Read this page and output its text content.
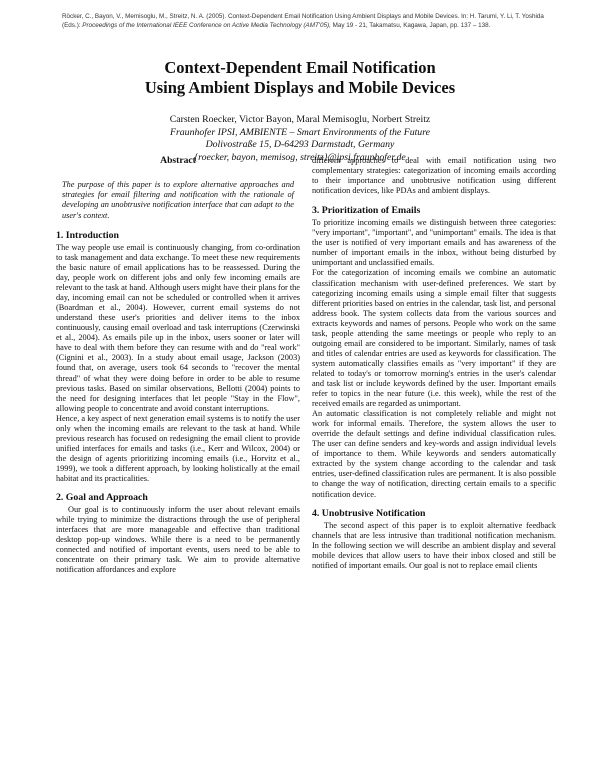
Röcker, C., Bayon, V., Memisoglu, M., Streitz, N. A. (2005). Context-Dependent Email Notification Using Ambient Displays and Mobile Devices. In: H. Tarumi, Y. Li, T. Yoshida (Eds.): Proceedings of the International IEEE Conference on Active Media Technology (AMT'05), May 19 - 21, Takamatsu, Kagawa, Japan, pp. 137 – 138.
Context-Dependent Email Notification
Using Ambient Displays and Mobile Devices
Carsten Roecker, Victor Bayon, Maral Memisoglu, Norbert Streitz
Fraunhofer IPSI, AMBIENTE – Smart Environments of the Future
Dolivostraße 15, D-64293 Darmstadt, Germany
{roecker, bayon, memisog, streitz}@ipsi.fraunhofer.de
Abstract

The purpose of this paper is to explore alternative approaches and strategies for email filtering and notification with the rationale of developing an unobtrusive notification interface that can adapt to the user's context.

1. Introduction

The way people use email is continuously changing, from co-ordination to task management and data exchange. To meet these new requirements the basic nature of email applications has to be reassessed. During the day, people work on different jobs and only few incoming emails are relevant to the task at hand. Although users might have their plans for the day, incoming email can not be scheduled or controlled when it arrives (Boardman et al., 2004). However, current email systems do not understand these user's priorities and deliver items to the inbox continuously, causing email overload and task interruptions (Czerwinski et al., 2004). As emails pile up in the inbox, users sooner or later will have to deal with them before they can resume with and do "real work" (Cignini et al., 2003). In a study about email usage, Jackson (2003) found that, on average, users took 64 seconds to "recover the mental thread" of what they were doing before in order to be able to resume previous tasks. Based on similar observations, Bellotti (2004) points to the need for designing interfaces that let people "Stay in the Flow", allowing people to concentrate and avoid constant interruptions.

Hence, a key aspect of next generation email systems is to notify the user only when the incoming emails are relevant to the task at hand. While previous research has focused on redesigning the email client to provide unified interfaces for emails and tasks (i.e., Kerr and Wilcox, 2004) or the design of agents prioritizing incoming emails (i.e., Horvitz et al., 1999), we took a different approach, by looking holistically at the email habitat and its practicalities.

2. Goal and Approach

Our goal is to continuously inform the user about relevant emails while trying to minimize the distractions through the use of peripheral interfaces that are more manageable and effective than traditional desktop pop-up windows. While there is a need to be permanently connected and notified of important events, users need to be able to concentrate on their primary task. We aim to provide alternative notification affordances and explore

different approaches to deal with email notification using two complementary strategies: categorization of incoming emails according to their importance and unobtrusive notification using different notification devices, like PDAs and ambient displays.

3. Prioritization of Emails

To prioritize incoming emails we distinguish between three categories: "very important", "important", and "unimportant" emails. The idea is that the user is notified of very important emails and has awareness of the number of important emails in the inbox, without being disturbed by unimportant and unclassified emails.

For the categorization of incoming emails we combine an automatic classification mechanism with user-defined preferences. We start by categorizing incoming emails using a simple email filter that suggests different priorities based on entries in the calendar, task list, and personal address book. The system collects data from the various sources and extracts keywords and names of persons. People who work on the same task, people attending the same meetings or people who reply to an outgoing email are considered to be important. Similarly, names of task and titles of calendar entries are used as keywords for classification. The system automatically classifies emails as "very important" if they are related to today's or tomorrow morning's entries in the user's calendar and task list or include keywords defined by the user. Important emails refer to topics in the near future (i.e. this week), while the rest of the received emails are regarded as unimportant.

An automatic classification is not completely reliable and might not work for informal emails. Therefore, the system allows the user to override the default settings and define individual classification rules. The user can define senders and key-words and assign individual levels of importance to them. While keywords and senders automatically extracted by the system change according to the calendar and task entries, user-defined classification rules are permanent. It is also possible to change the way of notification, directing certain emails to a specific notification device.

4. Unobtrusive Notification

The second aspect of this paper is to exploit alternative feedback channels that are less intrusive than traditional notification mechanism. In the following section we will describe an ambient display and several mobile devices that allow users to have their inbox closed and still be notified of important emails. Our goal is not to replace email clients
